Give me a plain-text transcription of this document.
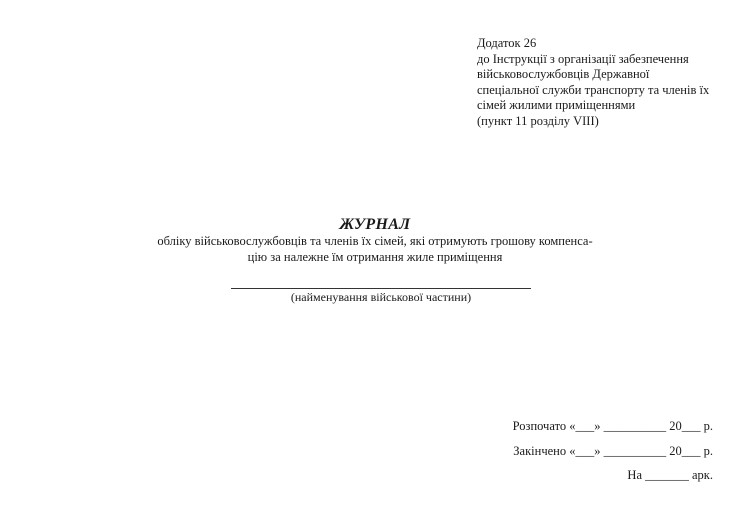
Додаток 26
до Інструкції з організації забезпечення
військовослужбовців Державної
спеціальної служби транспорту та членів їх
сімей жилими приміщеннями
(пункт 11 розділу VIII)
ЖУРНАЛ
обліку військовослужбовців та членів їх сімей, які отримують грошову компенса-
цію за належне їм отримання жиле приміщення
(найменування військової частини)
Розпочато «___» __________ 20___ р.
Закінчено «___» __________ 20___ р.
На _______ арк.
